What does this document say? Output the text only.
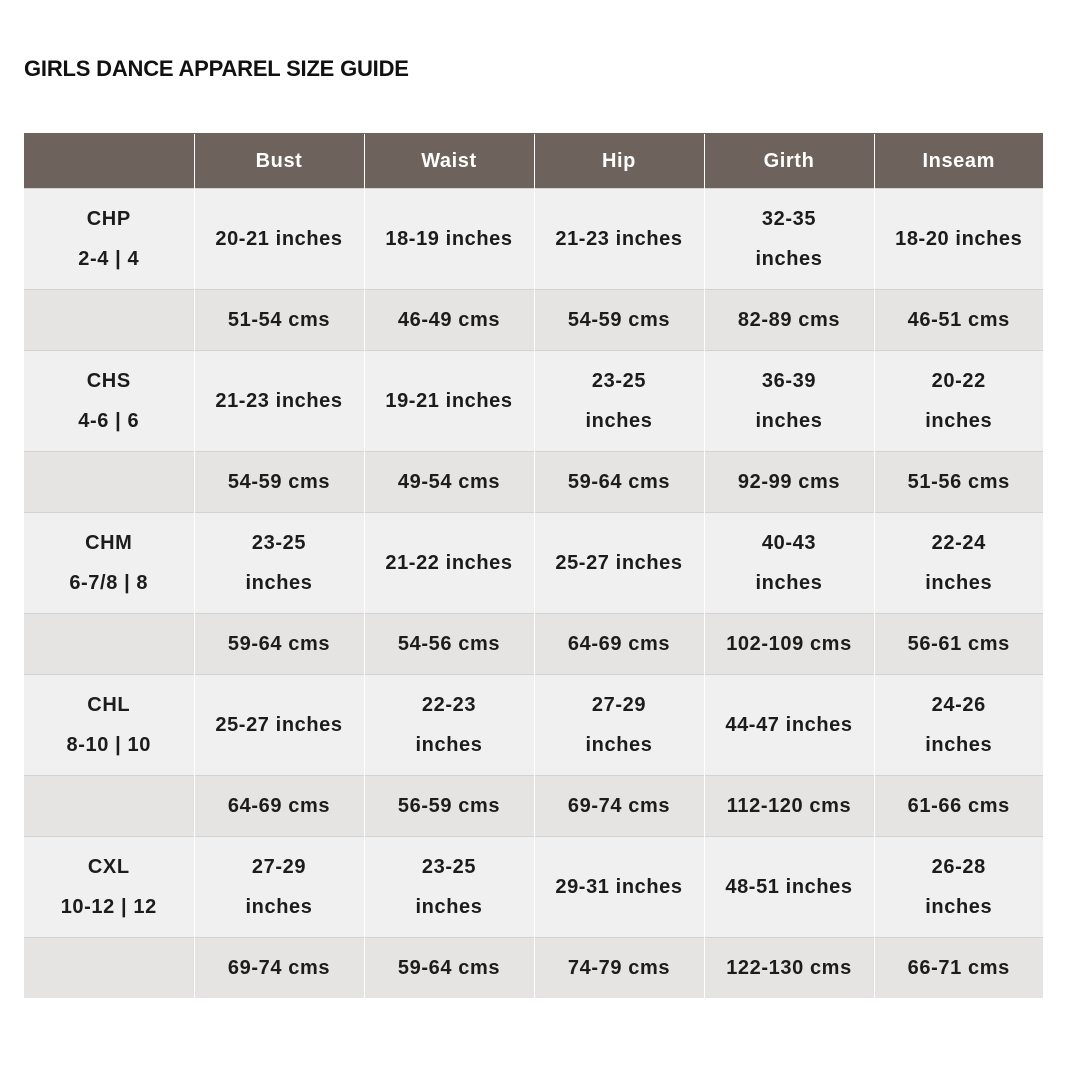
GIRLS DANCE APPAREL SIZE GUIDE
	Bust	Waist	Hip	Girth	Inseam

CHP
2-4 | 4	20-21 inches	18-19 inches	21-23 inches	32-35 inches	18-20 inches
	51-54 cms	46-49 cms	54-59 cms	82-89 cms	46-51 cms

CHS
4-6 | 6	21-23 inches	19-21 inches	23-25 inches	36-39 inches	20-22 inches
	54-59 cms	49-54 cms	59-64 cms	92-99 cms	51-56 cms

CHM
6-7/8 | 8	23-25 inches	21-22 inches	25-27 inches	40-43 inches	22-24 inches
	59-64 cms	54-56 cms	64-69 cms	102-109 cms	56-61 cms

CHL
8-10 | 10	25-27 inches	22-23 inches	27-29 inches	44-47 inches	24-26 inches
	64-69 cms	56-59 cms	69-74 cms	112-120 cms	61-66 cms

CXL
10-12 | 12	27-29 inches	23-25 inches	29-31 inches	48-51 inches	26-28 inches
	69-74 cms	59-64 cms	74-79 cms	122-130 cms	66-71 cms
